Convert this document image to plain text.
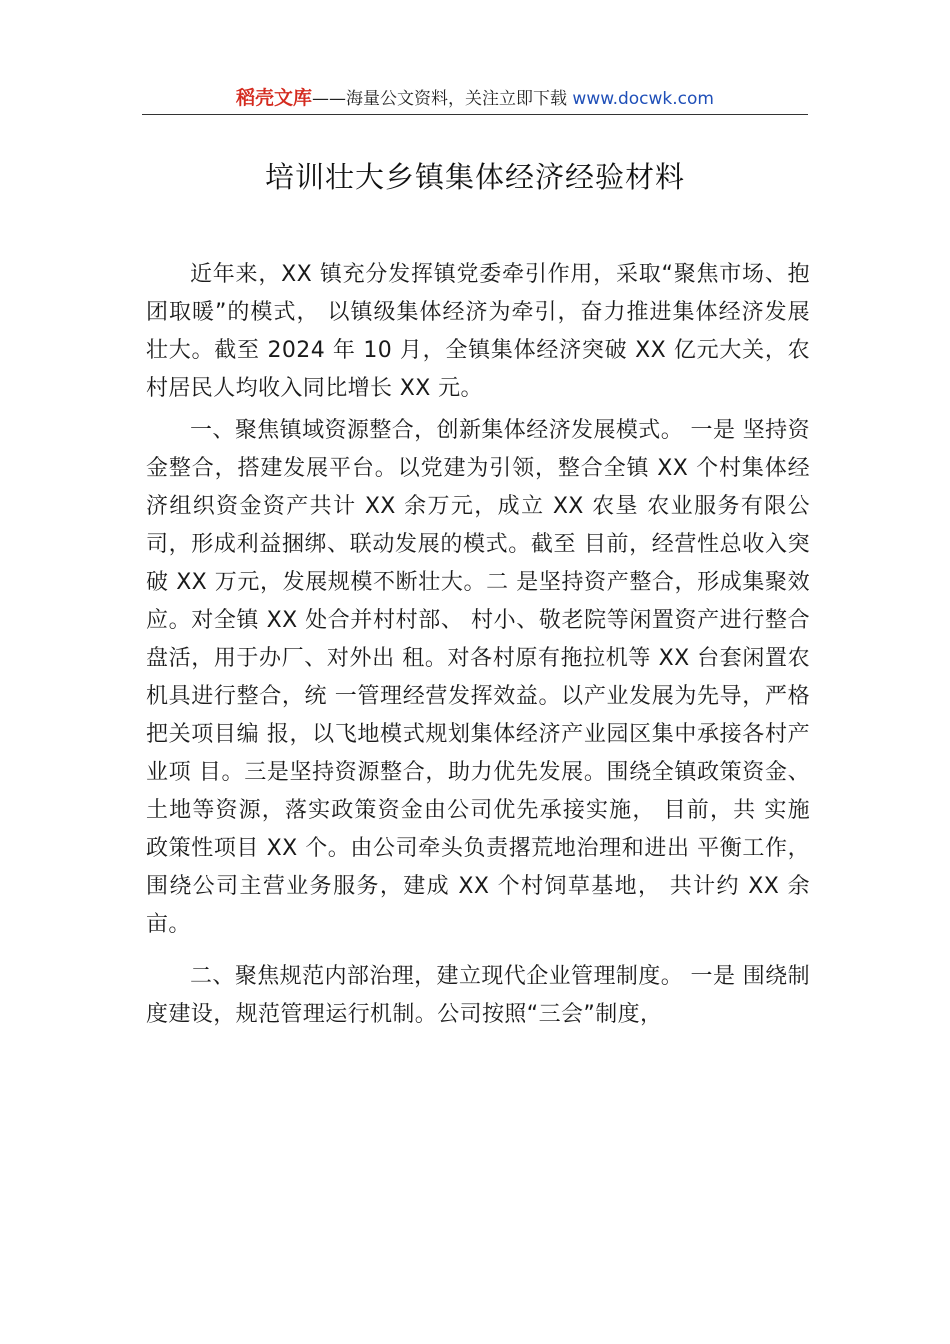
稻壳文库——海量公文资料，关注立即下载 www.docwk.com
培训壮大乡镇集体经济经验材料

近年来，XX 镇充分发挥镇党委牵引作用，采取“聚焦市场、抱团取暖”的模式， 以镇级集体经济为牵引，奋力推进集体经济发展壮大。截至 2024 年 10 月，全镇集体经济突破 XX 亿元大关，农村居民人均收入同比增长 XX 元。

一、聚焦镇域资源整合，创新集体经济发展模式。 一是 坚持资金整合，搭建发展平台。以党建为引领，整合全镇 XX 个村集体经济组织资金资产共计 XX 余万元，成立 XX 农垦 农业服务有限公司，形成利益捆绑、联动发展的模式。截至 目前，经营性总收入突破 XX 万元，发展规模不断壮大。二 是坚持资产整合，形成集聚效应。对全镇 XX 处合并村村部、 村小、敬老院等闲置资产进行整合盘活，用于办厂、对外出 租。对各村原有拖拉机等 XX 台套闲置农机具进行整合，统 一管理经营发挥效益。以产业发展为先导，严格把关项目编 报，以飞地模式规划集体经济产业园区集中承接各村产业项 目。三是坚持资源整合，助力优先发展。围绕全镇政策资金、 土地等资源，落实政策资金由公司优先承接实施， 目前，共 实施政策性项目 XX 个。由公司牵头负责撂荒地治理和进出 平衡工作，围绕公司主营业务服务，建成 XX 个村饲草基地， 共计约 XX 余亩。

二、聚焦规范内部治理，建立现代企业管理制度。 一是 围绕制度建设，规范管理运行机制。公司按照“三会”制度，
